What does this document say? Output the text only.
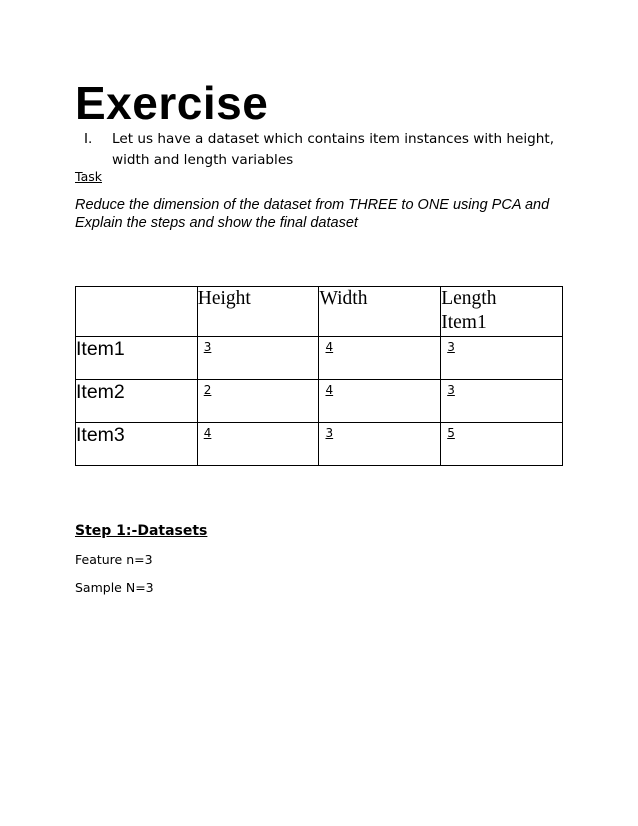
Exercise
I. Let us have a dataset which contains item instances with height, width and length variables
Task
Reduce the dimension of the dataset from THREE to ONE using PCA and Explain the steps and show the final dataset
	Height	Width	Length
Item1
Item1	3	4	3

Item2	2	4	3

Item3	4	3	5
Step 1:-Datasets
Feature n=3
Sample N=3
